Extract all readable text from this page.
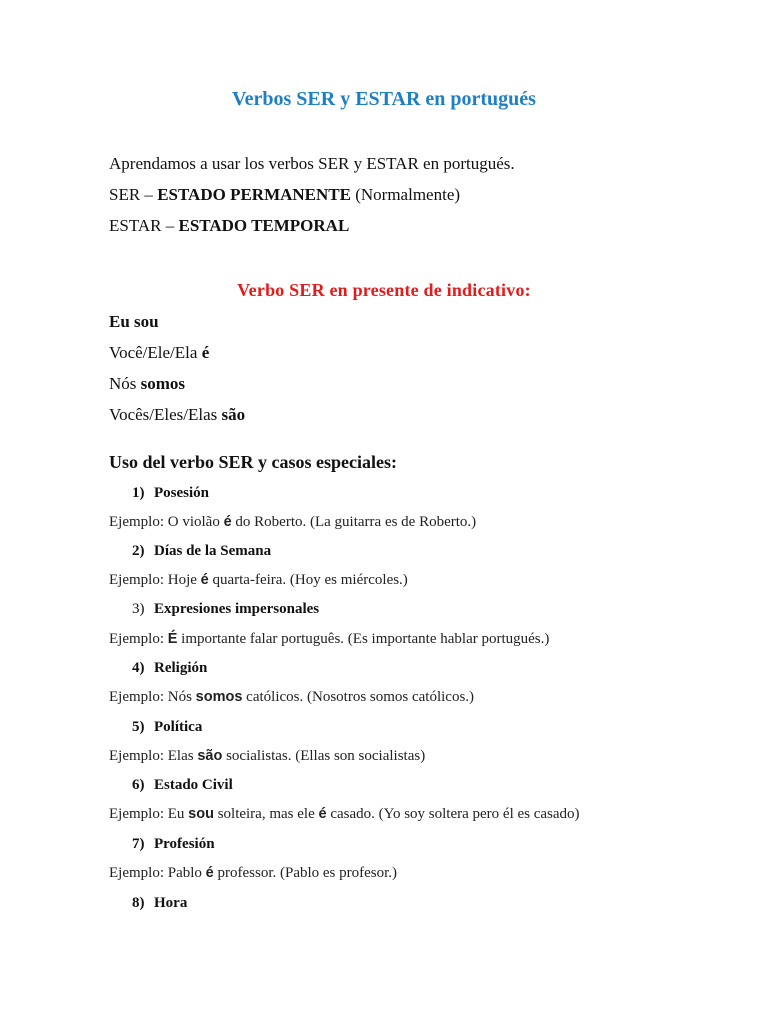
Verbos SER y ESTAR en portugués
Aprendamos a usar los verbos SER y ESTAR en portugués.
SER – ESTADO PERMANENTE (Normalmente)
ESTAR – ESTADO TEMPORAL
Verbo SER en presente de indicativo:
Eu sou
Você/Ele/Ela é
Nós somos
Vocês/Eles/Elas são
Uso del verbo SER y casos especiales:
1) Posesión
Ejemplo: O violão é do Roberto. (La guitarra es de Roberto.)
2) Días de la Semana
Ejemplo: Hoje é quarta-feira. (Hoy es miércoles.)
3) Expresiones impersonales
Ejemplo: É importante falar português. (Es importante hablar portugués.)
4) Religión
Ejemplo: Nós somos católicos. (Nosotros somos católicos.)
5) Política
Ejemplo: Elas são socialistas. (Ellas son socialistas)
6) Estado Civil
Ejemplo: Eu sou solteira, mas ele é casado. (Yo soy soltera pero él es casado)
7) Profesión
Ejemplo: Pablo é professor. (Pablo es profesor.)
8) Hora
